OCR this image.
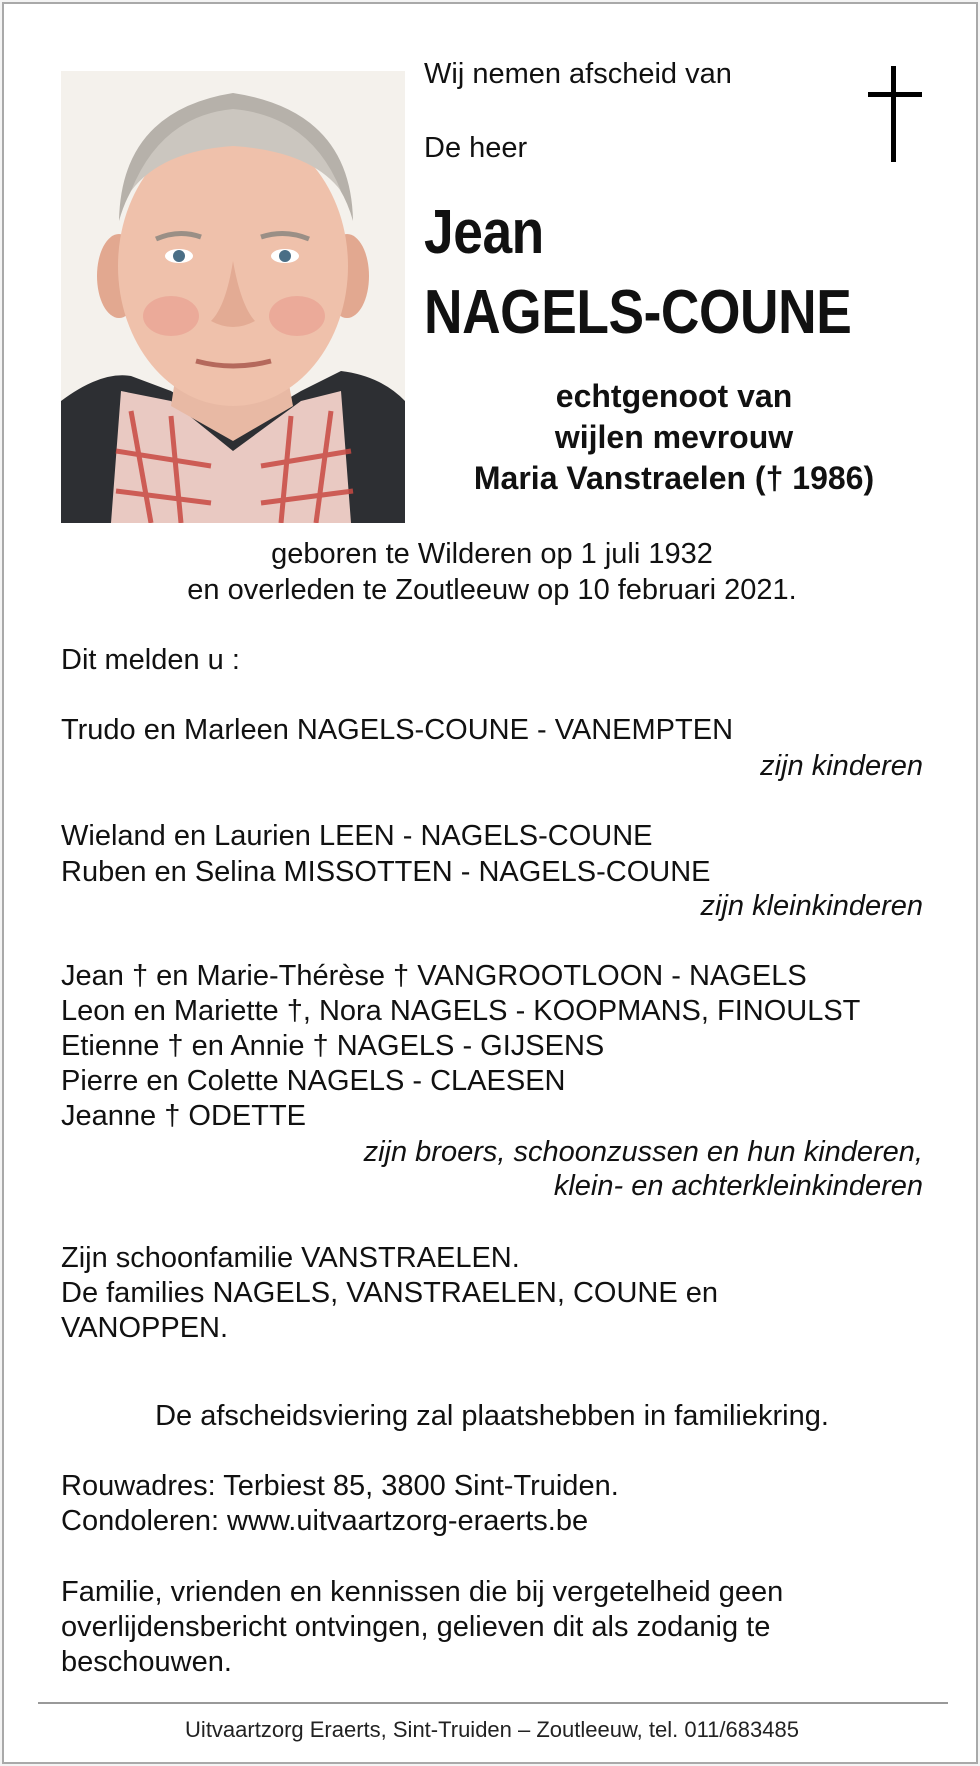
Wij nemen afscheid van
De heer
Jean
NAGELS-COUNE
echtgenoot van
wijlen mevrouw
Maria Vanstraelen († 1986)
geboren te Wilderen op 1 juli 1932
en overleden te Zoutleeuw op 10 februari 2021.
Dit melden u :
Trudo en Marleen NAGELS-COUNE - VANEMPTEN
zijn kinderen
Wieland en Laurien LEEN - NAGELS-COUNE
Ruben en Selina MISSOTTEN - NAGELS-COUNE
zijn kleinkinderen
Jean † en Marie-Thérèse † VANGROOTLOON - NAGELS
Leon en Mariette †, Nora NAGELS - KOOPMANS, FINOULST
Etienne † en Annie † NAGELS - GIJSENS
Pierre en Colette NAGELS - CLAESEN
Jeanne † ODETTE
zijn broers, schoonzussen en hun kinderen,
klein- en achterkleinkinderen
Zijn schoonfamilie VANSTRAELEN.
De families NAGELS, VANSTRAELEN, COUNE en
VANOPPEN.
De afscheidsviering zal plaatshebben in familiekring.
Rouwadres: Terbiest 85, 3800 Sint-Truiden.
Condoleren: www.uitvaartzorg-eraerts.be
Familie, vrienden en kennissen die bij vergetelheid geen
overlijdensbericht ontvingen, gelieven dit als zodanig te
beschouwen.
Uitvaartzorg Eraerts, Sint-Truiden – Zoutleeuw, tel. 011/683485
